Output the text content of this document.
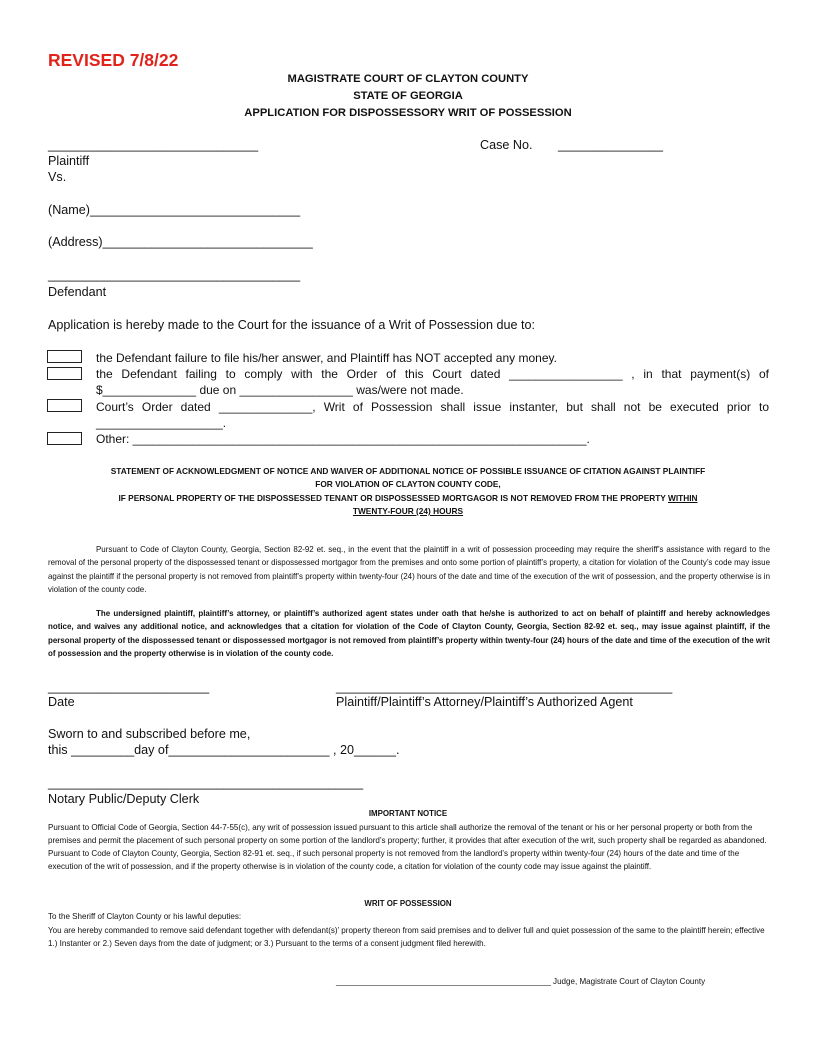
REVISED 7/8/22
MAGISTRATE COURT OF CLAYTON COUNTY
STATE OF GEORGIA
APPLICATION FOR DISPOSSESSORY WRIT OF POSSESSION
______________________________	Case No. _______________
Plaintiff
Vs.
(Name)______________________________
(Address)______________________________
____________________________________
Defendant
Application is hereby made to the Court for the issuance of a Writ of Possession due to:
the Defendant failure to file his/her answer, and Plaintiff has NOT accepted any money.
the Defendant failing to comply with the Order of this Court dated _________________ , in that payment(s) of
$______________ due on _________________ was/were not made.
Court’s Order dated ______________, Writ of Possession shall issue instanter, but shall not be executed prior to
___________________.
Other: ____________________________________________________________________.
STATEMENT OF ACKNOWLEDGMENT OF NOTICE AND WAIVER OF ADDITIONAL NOTICE OF POSSIBLE ISSUANCE OF CITATION AGAINST PLAINTIFF
FOR VIOLATION OF CLAYTON COUNTY CODE,
IF PERSONAL PROPERTY OF THE DISPOSSESSED TENANT OR DISPOSSESSED MORTGAGOR IS NOT REMOVED FROM THE PROPERTY WITHIN
TWENTY-FOUR (24) HOURS
Pursuant to Code of Clayton County, Georgia, Section 82-92 et. seq., in the event that the plaintiff in a writ of possession proceeding may require the sheriff’s assistance with regard to the removal of the personal property of the dispossessed tenant or dispossessed mortgagor from the premises and onto some portion of plaintiff’s property, a citation for violation of the County’s code may issue against the plaintiff if the personal property is not removed from plaintiff’s property within twenty-four (24) hours of the date and time of the execution of the writ of possession, and the property otherwise is in violation of the county code.
The undersigned plaintiff, plaintiff’s attorney, or plaintiff’s authorized agent states under oath that he/she is authorized to act on behalf of plaintiff and hereby acknowledges notice, and waives any additional notice, and acknowledges that a citation for violation of the Code of Clayton County, Georgia, Section 82-92 et. seq., may issue against plaintiff, if the personal property of the dispossessed tenant or dispossessed mortgagor is not removed from plaintiff’s property within twenty-four (24) hours of the date and time of the execution of the writ of possession and the property otherwise is in violation of the county code.
_______________________	________________________________________________
Date	Plaintiff/Plaintiff’s Attorney/Plaintiff’s Authorized Agent
Sworn to and subscribed before me,
this _________day of_______________________ , 20______.
_____________________________________________
Notary Public/Deputy Clerk
IMPORTANT NOTICE
Pursuant to Official Code of Georgia, Section 44-7-55(c), any writ of possession issued pursuant to this article shall authorize the removal of the tenant or his or her personal property or both from the premises and permit the placement of such personal property on some portion of the landlord’s property; further, it provides that after execution of the writ, such property shall be regarded as abandoned. Pursuant to Code of Clayton County, Georgia, Section 82-91 et. seq., if such personal property is not removed from the landlord’s property within twenty-four (24) hours of the date and time of the execution of the writ of possession, and if the property otherwise is in violation of the county code, a citation for violation of the county code may issue against the plaintiff.
WRIT OF POSSESSION
To the Sheriff of Clayton County or his lawful deputies:
You are hereby commanded to remove said defendant together with defendant(s)’ property thereon from said premises and to deliver full and quiet possession of the same to the plaintiff herein; effective 1.) Instanter or 2.) Seven days from the date of judgment; or 3.) Pursuant to the terms of a consent judgment filed herewith.
________________________________________________ Judge, Magistrate Court of Clayton County
